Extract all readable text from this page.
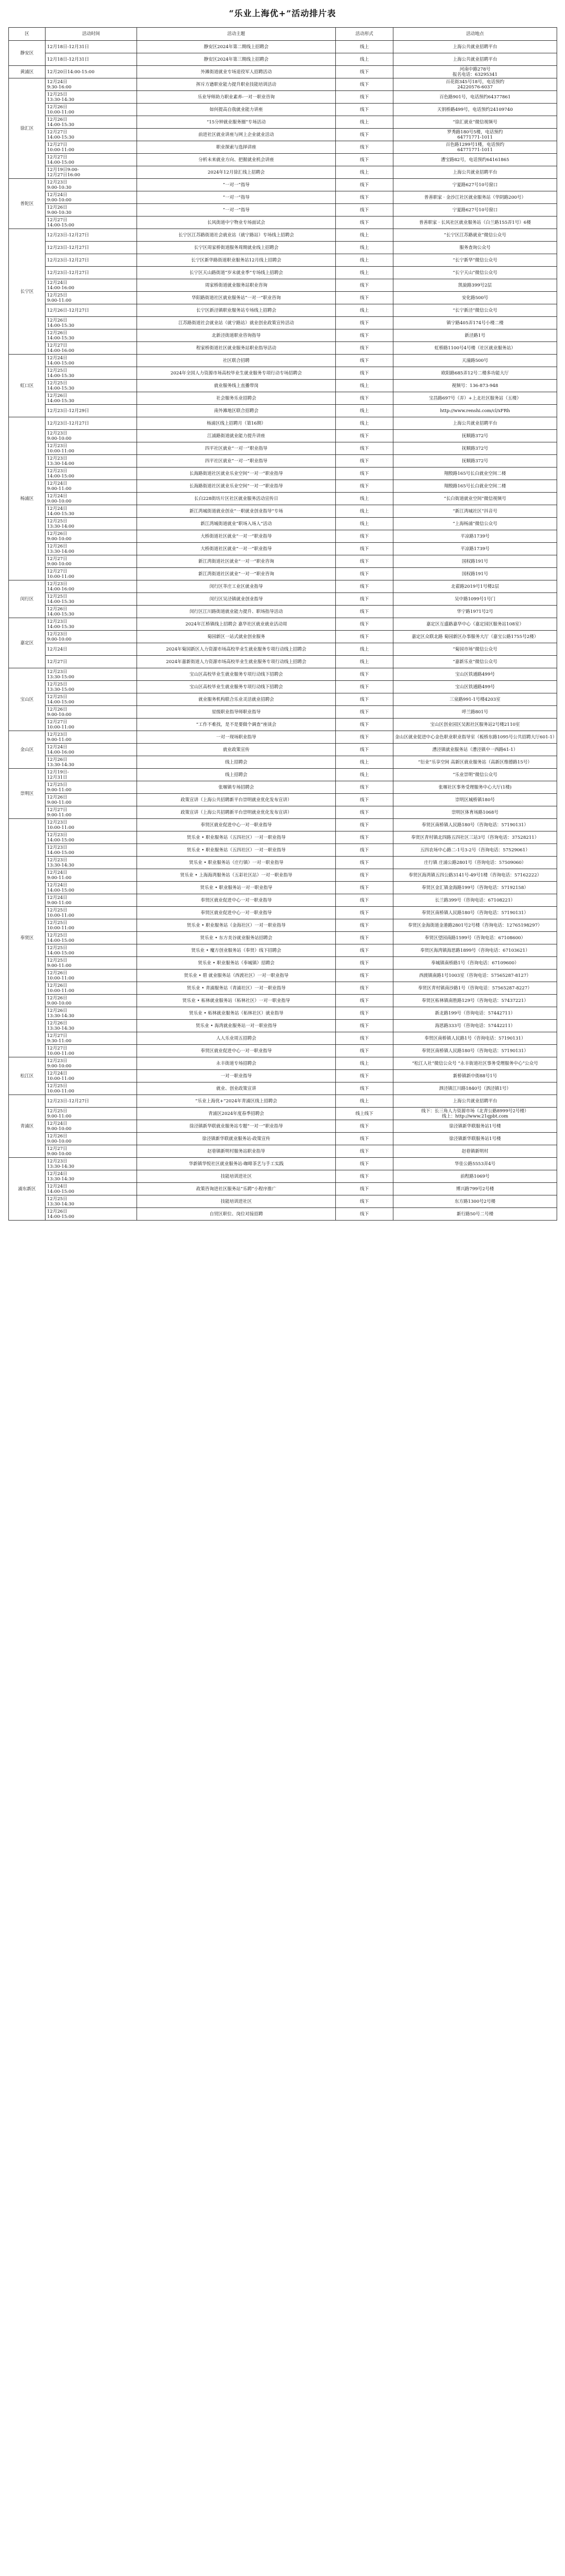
“乐业上海优+”活动排片表
区	活动时间	活动主题	活动形式	活动地点
静安区	12月18日-12月31日	静安区2024年第二期线上招聘会	线上	上海公共就业招聘平台
	12月18日-12月31日	静安区2024年第三期线上招聘会	线上	上海公共就业招聘平台
黄浦区	12月20日14:00-15:00	外滩街道就业专场退役军人招聘活动	线下	河南中路278号
报名电话：63295341
徐汇区	12月24日
9:30-16:00	挥斥方遒职业能力提升职业技能培训活动	线下	百花街345号18号，电话预约
24220576-6037
	12月25日
13:30-14:30	乐业导师助力职业素养-一对一职业咨询	线下	百色路901号，电话预约64377861
	12月26日
10:00-11:00	如何提高自我就业能力讲座	线下	天钥桥路499号，电话预约24109740
	12月26日
14:00-15:30	“15分钟就业服务圈”专场活动	线上	“徐汇就业”微信视频号
	12月27日
14:00-15:30	前进社区就业讲座与网上企业就业活动	线下	罗秀路180号5楼，电话预约
64771771-1011
	12月27日
10:00-11:00	职业探索与选择讲座	线下	百色路1299号1楼，电话预约
64771771-1011
	12月27日
14:00-15:00	分析未来就业方向、把握就业机会讲座	线下	漕宝路82号，电话预约64161865
	12月19日9:00-
12月27日16:00	2024年12月徐汇线上招聘会	线上	上海公共就业招聘平台
普陀区	12月23日
9:00-10:30	“一对一”指导	线下	宁夏路627号10号窗口
	12月24日
9:00-10:00	“一对一”指导	线下	普善职家 · 金沙江社区就业服务站（华阴路200号）
	12月26日
9:00-10:30	“一对一”指导	线下	宁夏路627号10号窗口
	12月27日
14:00-15:00	长风街道中宁物业专场面试会	线下	普善职家 · 长风社区就业服务站（白兰路155弄1号）6楼
长宁区	12月23日-12月27日	长宁区江苏路街道社会就业站（就宁路站）专场线上招聘会	线上	“长宁区江苏路就业”微信公众号
	12月23日-12月27日	长宁区周家桥街道服务周期就业线上招聘会	线上	服务查询公众号
	12月23日-12月27日	长宁区新华路街道职业服务站12月线上招聘会	线上	“长宁新华”微信公众号
	12月23日-12月27日	长宁区天山路街道“岁末就业季”专场线上招聘会	线上	“长宁天山”微信公众号
	12月24日
14:00-16:00	周家桥街道就业服务站职业咨询	线下	凯旋路399号2层
	12月25日
9:00-11:00	华阳路街道社区就业服务站“一对一”职业咨询	线下	安化路500号
	12月26日-12月27日	长宁区新泾镇职业服务站专场线上招聘会	线上	“长宁新泾”微信公众号
	12月26日
14:00-15:30	江苏路街道社会就业站（就宁路站）就业创业政策宣传活动	线下	镇宁路405弄174号小楼二楼
	12月26日
14:00-15:30	北新泾街道职业咨询指导	线下	新泾路1号
	12月27日
14:00-16:00	程家桥街道社区就业服务站职业指导活动	线下	虹桥路1100号4号楼（社区就业服务站）
虹口区	12月24日
14:00-15:00	社区联合招聘	线下	天潼路500号
	12月25日
14:00-15:30	2024年全国人力资源市场高校毕业生就业服务专项行动专场招聘会	线下	欧阳路685弄12号二楼多功能大厅
	12月25日
14:00-15:30	就业服务线上直播带岗	线上	视频号：136-873-948
	12月26日
14:00-15:30	社会服务乐业招聘会	线下	宝昌路697号（弄）+上北社区服务站（五楼）
	12月23日-12月29日	南外滩地区联合招聘会	线上	http://www.renshi.com/cl/xFRh
杨浦区	12月23日-12月27日	杨浦区线上招聘月（第16期）	线上	上海公共就业招聘平台
	12月23日
9:00-10:00	江浦路街道就业能力提升讲座	线下	抚顺路372号
	12月23日
10:00-11:00	四平社区就业“一对一”职业指导	线下	抚顺路372号
	12月23日
13:30-14:00	四平社区就业“一对一”职业指导	线下	抚顺路372号
	12月23日
14:00-15:00	长海路街道社区就业乐业空间“一对一”职业指导	线下	翔殷路165号长白就业空间二楼
	12月24日
9:00-11:00	长海路街道社区就业乐业空间“一对一”职业指导	线下	翔殷路165号长白就业空间二楼
	12月24日
9:00-10:00	长白228街坊片区社区就业服务活动宣传日	线上	“长白街道就业空间”微信视频号
	12月24日
14:00-15:30	新江湾城街道就业创业“一职就业创业指导”专场	线上	“新江湾城社区”抖音号
	12月25日
13:30-14:00	新江湾城街道就业“职场入场人”活动	线上	“上海杨浦”微信公众号
	12月26日
9:00-10:00	大桥街道社区就业“一对一”职业指导	线下	平凉路1739号
	12月26日
13:30-14:00	大桥街道社区就业“一对一”职业指导	线下	平凉路1739号
	12月27日
9:00-10:00	新江湾街道社区就业“一对一”职业咨询	线下	国权路191号
	12月27日
10:00-11:00	新江湾街道社区就业“一对一”职业咨询	线下	国权路191号
闵行区	12月23日
14:00-16:00	闵行区莘庄工业区就业指导	线下	北翟路2019号1号楼2层
	12月25日
14:00-15:30	闵行区吴泾镇就业创业指导	线下	吴中路1099号1号门
	12月26日
14:00-15:30	闵行区江川路街道就业能力提升、职场指导活动	线下	华宁路1971号2号
嘉定区	12月23日
14:00-15:30	2024年江桥镇线上招聘会 嘉华社区就业就业活动周	线下	嘉定区互盛路嘉华中心（嘉定园区服务站108室）
	12月23日
9:00-10:00	菊园新区一站式就业创业服务	线下	嘉定区众联北路 菊园新区办事服务大厅（嘉宝公路1755号2楼）
	12月24日	2024年菊园新区人力资源市场高校毕业生就业服务专项行动线上招聘会	线上	“菊园市场”微信公众号
	12月27日	2024年嘉新街道人力资源市场高校毕业生就业服务专项行动线上招聘会	线上	“嘉新乐业”微信公众号
宝山区	12月23日
13:30-15:00	宝山区高校毕业生就业服务专项行动线下招聘会	线下	宝山区铁通路499号
	12月25日
13:30-15:00	宝山区高校毕业生就业服务专项行动线下招聘会	线下	宝山区铁通路499号
	12月25日
14:00-15:00	就业服务机构联合乐业灵活就业招聘会	线下	三泉路991-1号楼4203室
	12月26日
9:00-10:00	星级职业指导师职业指导	线下	呼兰路801号
	12月27日
10:00-11:00	“工作不难找，是不是要做个调查”座谈会	线下	宝山区创业园区吴淞社区服务站2号楼2110室
金山区	12月23日
9:00-11:00	一对一现场职业指导	线下	金山区就业促进中心金色职业职业指导室（板桥东路1095号公共招聘大厅601-1）
	12月24日
14:00-16:00	就业政策宣传	线下	漕泾镇就业服务站（漕泾镇中一西路61-1）
	12月26日
13:30-14:30	线上招聘会	线上	“衍业”乐享空间 高新区就业服务站（高新区维德路15号）
崇明区	12月19日-
12月31日	线上招聘会	线上	“乐业崇明”微信公众号
	12月25日
9:00-11:00	张堰镇专场招聘会	线下	张堰社区事务受理服务中心大厅(1楼)
	12月26日
9:00-11:00	政策宣讲（上海公共招聘新平台崇明就业优化发布宣讲）	线下	崇明区城桥镇180号
	12月27日
9:00-11:00	政策宣讲（上海公共招聘新平台崇明就业优化发布宣讲）	线下	崇明区体育场路1068号
奉贤区	12月23日
10:00-11:00	奉贤区就业促进中心一对一职业指导	线下	奉贤区南桥镇人民路180号（咨询电话：57190131）
	12月23日
14:00-15:00	贤乐业 • 职业服务站（五四社区）一对一职业指导	线下	奉贤区青村镇北四路五四社区三站3号（咨询电话：37528211）
	12月23日
14:00-15:00	贤乐业 • 职业服务站（五四社区）一对一职业指导	线下	五四农场中心路二-1号3-2号（咨询电话：57529061）
	12月23日
13:30-14:30	贤乐业 • 职业服务站（庄行镇）一对一职业指导	线下	庄行镇 庄浦公路2801号（咨询电话：57509060）
	12月24日
9:00-11:00	贤乐业 • 上海海湾服务站（五彩社区站）一对一职业指导	线下	奉贤区海湾镇五四公路3141号-49号1楼（咨询电话：57162222）
	12月24日
14:00-15:00	贤乐业 • 职业服务站一对一职业指导	线下	奉贤区金汇镇金海路199号（咨询电话：57192158）
	12月24日
9:00-11:00	奉贤区就业促进中心一对一职业指导	线下	长兰路399号（咨询电话：67108221）
	12月25日
10:00-11:00	奉贤区就业促进中心一对一职业指导	线下	奉贤区南桥镇人民路180号（咨询电话：57190131）
	12月25日
10:00-11:00	贤乐业 • 职业服务站（金海社区）一对一职业指导	线下	奉贤区金海街道金港路2801号2号楼（咨询电话：12765198297）
	12月25日
14:00-15:00	贤乐业 • 东方美谷就业服务站招聘会	线下	奉贤区望园南路1599号（咨询电话：67108600）
	12月25日
14:00-15:00	贤乐业 • 魔方创业服务站（奉贤）线下招聘会	线下	奉贤区海湾镇海思路1899号（咨询电话：67103621）
	12月25日
9:00-11:00	贤乐业 • 职业服务站（奉城镇）招聘会	线下	奉城镇南桥路1号（咨询电话：67109600）
	12月26日
10:00-11:00	贤乐业 • 碧 就业服务站（西渡社区）一对一职业指导	线下	西渡镇南路1号1003室（咨询电话：57565287-8127）
	12月26日
10:00-11:00	贤乐业 • 青浦服务站（青浦社区）一对一职业指导	线下	奉贤区青村镇南沙路1号（咨询电话：57565287-8227）
	12月26日
9:00-10:00	贤乐业 • 柘林就业服务站（柘林社区）一对一职业指导	线下	奉贤区柘林镇南胜路129号（咨询电话：57437221）
	12月26日
13:30-14:30	贤乐业 • 柘林就业服务站（柘林社区）就业指导	线下	新北路199号（咨询电话：57442711）
	12月26日
13:30-14:30	贤乐业 • 海湾就业服务站一对一职业指导	线下	海思路333号（咨询电话：57442211）
	12月27日
9:30-11:00	人人乐业周五招聘会	线下	奉贤区南桥镇人民路1号（咨询电话：57190131）
	12月27日
10:00-11:00	奉贤区就业促进中心一对一职业指导	线下	奉贤区南桥镇人民路180号（咨询电话：57190131）
松江区	12月23日
9:00-10:00	永丰街道专场招聘会	线上	“松江人社”微信公众号 “永丰街道社区事务受理服务中心”公众号
	12月24日
10:00-11:00	一对一职业指导	线下	新桥镇新中街88号1号
	12月25日
10:00-11:00	就业、创业政策宣讲	线下	泗泾镇江川路1840号（泗泾镇1号）
青浦区	12月23日-12月27日	“乐业上海优+”2024年青浦区线上招聘会	线上	上海公共就业招聘平台
	12月25日
9:00-11:00	青浦区2024年度春季招聘会	线上线下	线下：长三角人力资源市场（北青公路8999号2号楼）
线上：http://www.21qpbt.com
	12月24日
9:00-10:00	徐泾镇新华联就业服务站专题“一对一”职业指导	线下	徐泾镇新华联服务站1号楼
	12月26日
9:00-10:00	徐泾镇新华联就业服务站-政策宣传	线下	徐泾镇新华联服务站1号楼
	12月27日
9:00-10:00	赵巷镇新明村服务站职业指导	线下	赵巷镇新明村
浦东新区	12月23日
13:30-14:30	华新镇华悦社区就业服务站-咖啡茶艺与手工实践	线下	华佳公路5553弄4号
	12月24日
13:30-14:30	技能培训进社区	线下	前程路1069号
	12月24日
14:00-15:00	政策咨询进社区服务站“乐聘”小程序推广	线下	博兴路799号2号楼
	12月25日
13:30-14:30	技能培训进社区	线下	东方路1300号2号楼
	12月26日
14:00-15:00	自贸区职位、岗位对接招聘	线下	新行路50号二号楼
